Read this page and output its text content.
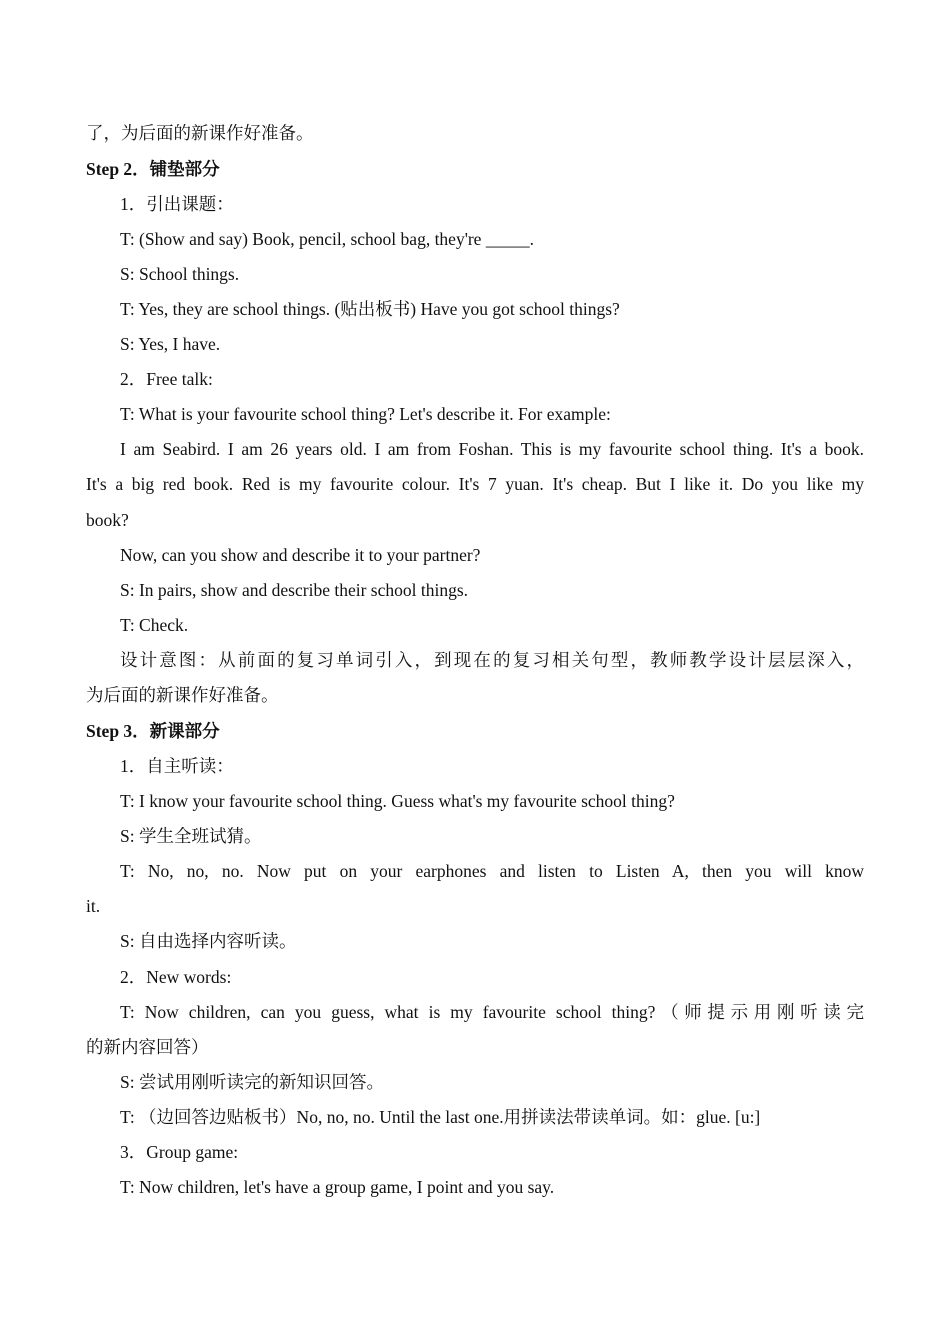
了，为后面的新课作好准备。
Step 2．铺垫部分
1．引出课题：
T: (Show and say) Book, pencil, school bag, they're _____.
S: School things.
T: Yes, they are school things. (贴出板书) Have you got school things?
S: Yes, I have.
2．Free talk:
T: What is your favourite school thing? Let's describe it. For example:
I am Seabird. I am 26 years old. I am from Foshan. This is my favourite school thing. It's a book.
It's a big red book. Red is my favourite colour. It's 7 yuan. It's cheap. But I like it. Do you like my
book?
Now, can you show and describe it to your partner?
S: In pairs, show and describe their school things.
T: Check.
设计意图：从前面的复习单词引入，到现在的复习相关句型，教师教学设计层层深入，
为后面的新课作好准备。
Step 3．新课部分
1．自主听读：
T: I know your favourite school thing. Guess what's my favourite school thing?
S: 学生全班试猜。
T: No, no, no. Now put on your earphones and listen to Listen A, then you will know
it.
S: 自由选择内容听读。
2．New words:
T: Now children, can you guess, what is my favourite school thing?（师提示用刚听读完
的新内容回答）
S: 尝试用刚听读完的新知识回答。
T: （边回答边贴板书）No, no, no. Until the last one.用拼读法带读单词。如：glue. [u:]
3．Group game:
T: Now children, let's have a group game, I point and you say.
